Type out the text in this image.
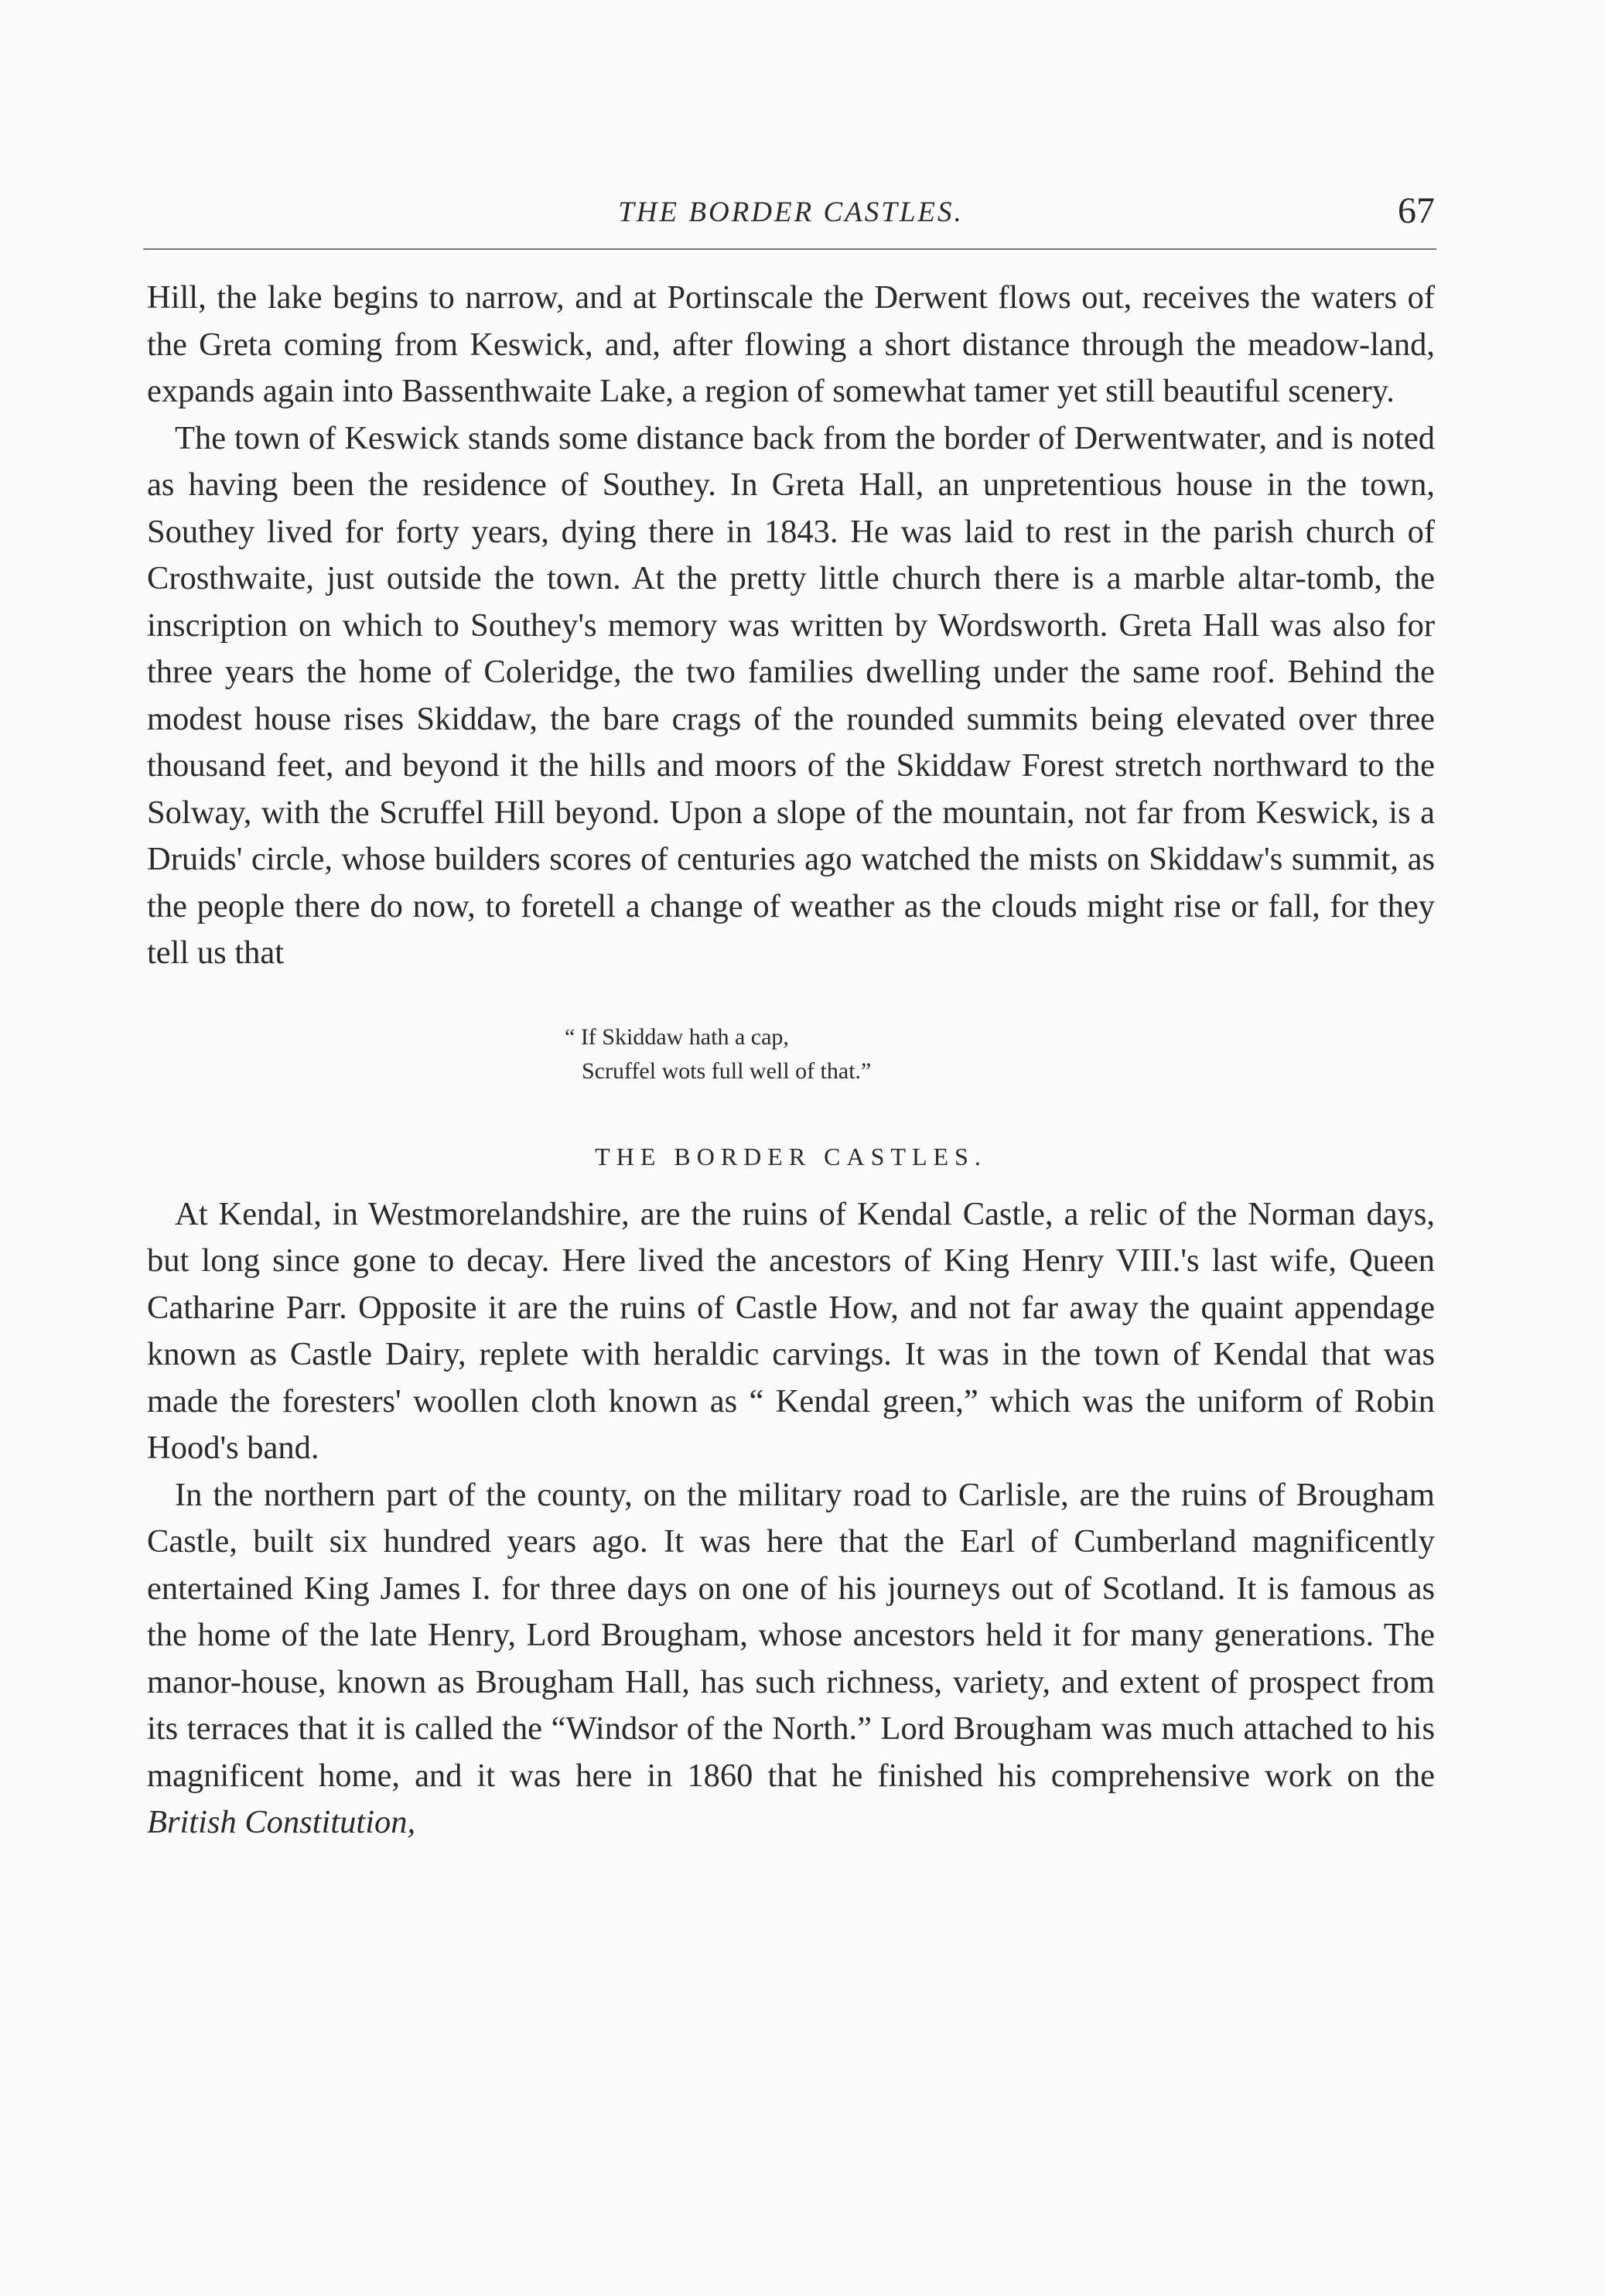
THE BORDER CASTLES.	67

Hill, the lake begins to narrow, and at Portinscale the Derwent flows out, receives the waters of the Greta coming from Keswick, and, after flowing a short distance through the meadow-land, expands again into Bassenthwaite Lake, a region of somewhat tamer yet still beautiful scenery.

The town of Keswick stands some distance back from the border of Derwentwater, and is noted as having been the residence of Southey. In Greta Hall, an unpretentious house in the town, Southey lived for forty years, dying there in 1843. He was laid to rest in the parish church of Crosthwaite, just outside the town. At the pretty little church there is a marble altar-tomb, the inscription on which to Southey's memory was written by Wordsworth. Greta Hall was also for three years the home of Coleridge, the two families dwelling under the same roof. Behind the modest house rises Skiddaw, the bare crags of the rounded summits being elevated over three thousand feet, and beyond it the hills and moors of the Skiddaw Forest stretch northward to the Solway, with the Scruffel Hill beyond. Upon a slope of the mountain, not far from Keswick, is a Druids' circle, whose builders scores of centuries ago watched the mists on Skiddaw's summit, as the people there do now, to foretell a change of weather as the clouds might rise or fall, for they tell us that

“ If Skiddaw hath a cap,
Scruffel wots full well of that.”
THE BORDER CASTLES.

At Kendal, in Westmorelandshire, are the ruins of Kendal Castle, a relic of the Norman days, but long since gone to decay. Here lived the ancestors of King Henry VIII.'s last wife, Queen Catharine Parr. Opposite it are the ruins of Castle How, and not far away the quaint appendage known as Castle Dairy, replete with heraldic carvings. It was in the town of Kendal that was made the foresters' woollen cloth known as “ Kendal green,” which was the uniform of Robin Hood's band.

In the northern part of the county, on the military road to Carlisle, are the ruins of Brougham Castle, built six hundred years ago. It was here that the Earl of Cumberland magnificently entertained King James I. for three days on one of his journeys out of Scotland. It is famous as the home of the late Henry, Lord Brougham, whose ancestors held it for many generations. The manor-house, known as Brougham Hall, has such richness, variety, and extent of prospect from its terraces that it is called the “Windsor of the North.” Lord Brougham was much attached to his magnificent home, and it was here in 1860 that he finished his comprehensive work on the British Constitution,
